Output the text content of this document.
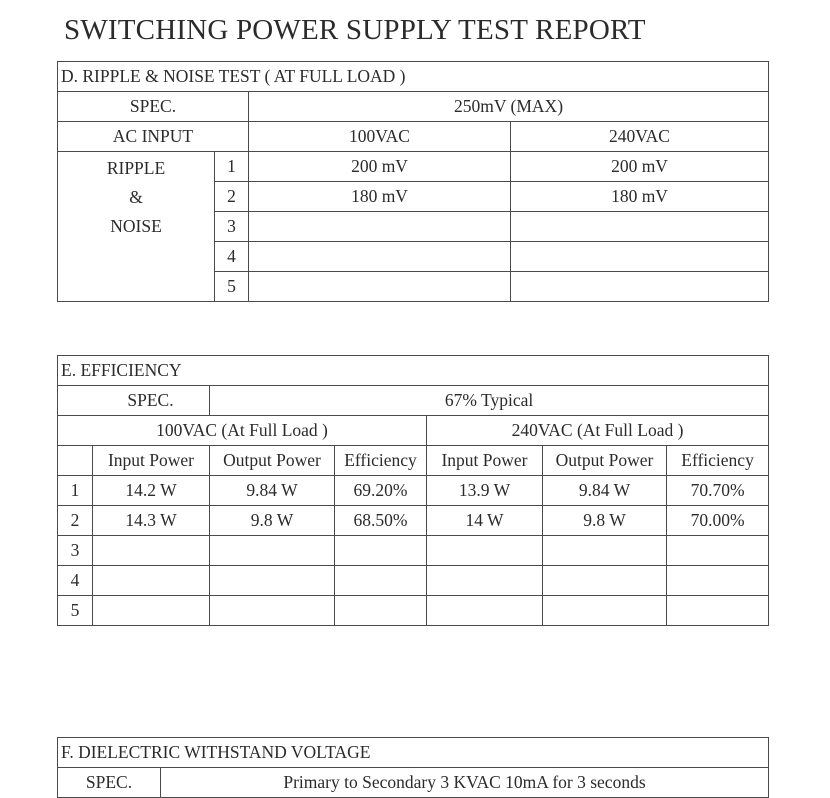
SWITCHING POWER SUPPLY TEST REPORT
D. RIPPLE & NOISE TEST ( AT FULL LOAD )			
SPEC.		250mV (MAX)	
AC INPUT		100VAC	240VAC

RIPPLE
&
NOISE	1	200 mV	200 mV
	2	180 mV	180 mV
	3		
	4		
	5		
E. EFFICIENCY						
SPEC.		67% Typical				
100VAC (At Full Load )				240VAC (At Full Load )		
	Input Power	Output Power	Efficiency	Input Power	Output Power	Efficiency
1	14.2 W	9.84 W	69.20%	13.9 W	9.84 W	70.70%
2	14.3 W	9.8 W	68.50%	14 W	9.8 W	70.00%
3						
4						
5						
F. DIELECTRIC WITHSTAND VOLTAGE
SPEC.	Primary to Secondary 3 KVAC 10mA for 3 seconds
